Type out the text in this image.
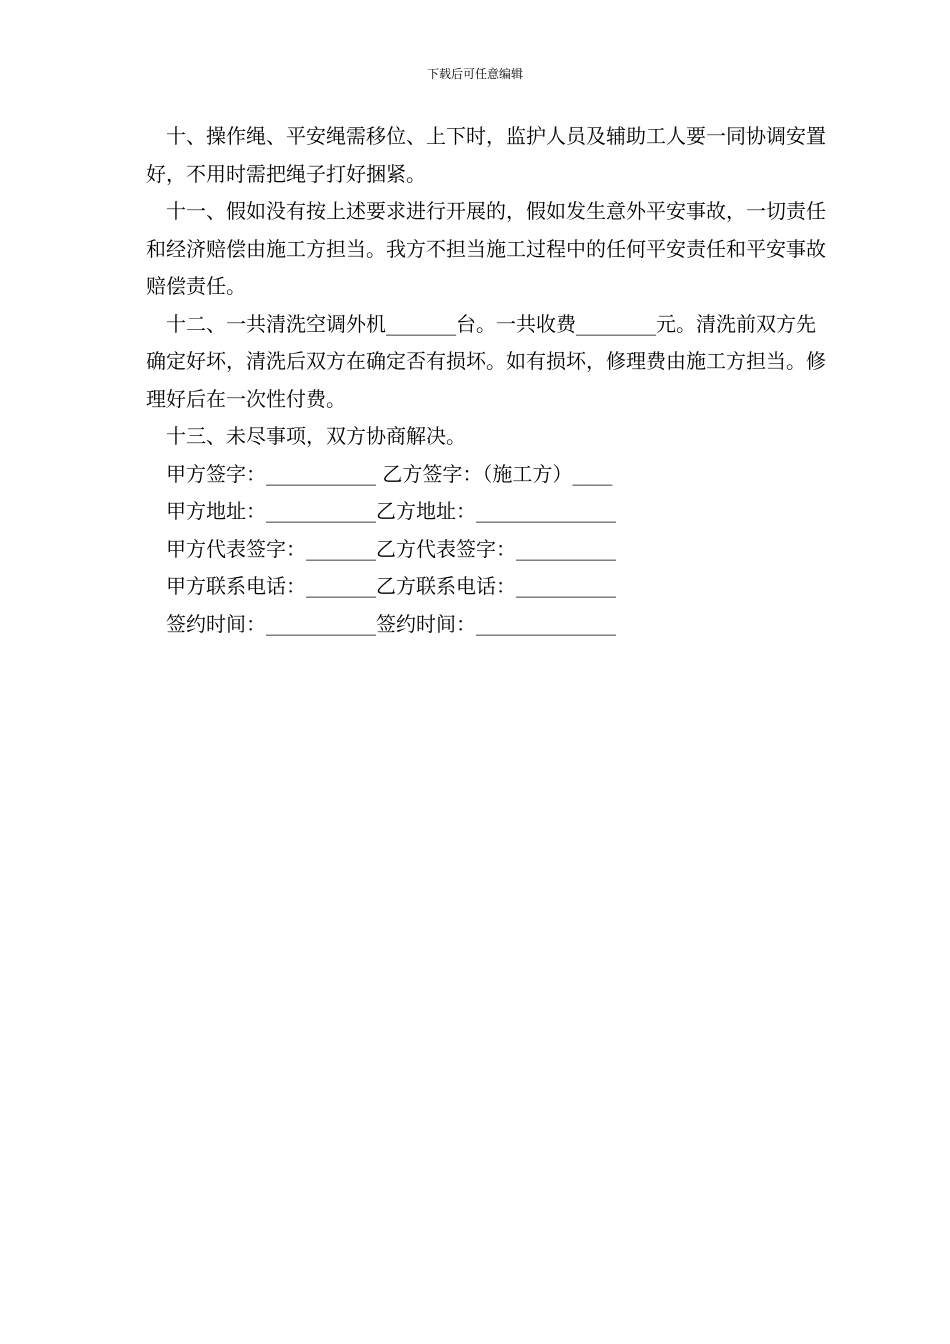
下载后可任意编辑

十、操作绳、平安绳需移位、上下时，监护人员及辅助工人要一同协调安置好，不用时需把绳子打好捆紧。

十一、假如没有按上述要求进行开展的，假如发生意外平安事故，一切责任和经济赔偿由施工方担当。我方不担当施工过程中的任何平安责任和平安事故赔偿责任。

十二、一共清洗空调外机_______台。一共收费________元。清洗前双方先确定好坏，清洗后双方在确定否有损坏。如有损坏，修理费由施工方担当。修理好后在一次性付费。

十三、未尽事项，双方协商解决。

甲方签字：___________ 乙方签字：（施工方）____

甲方地址：___________乙方地址：______________

甲方代表签字：_______乙方代表签字：__________

甲方联系电话：_______乙方联系电话：__________

签约时间：___________签约时间：______________
